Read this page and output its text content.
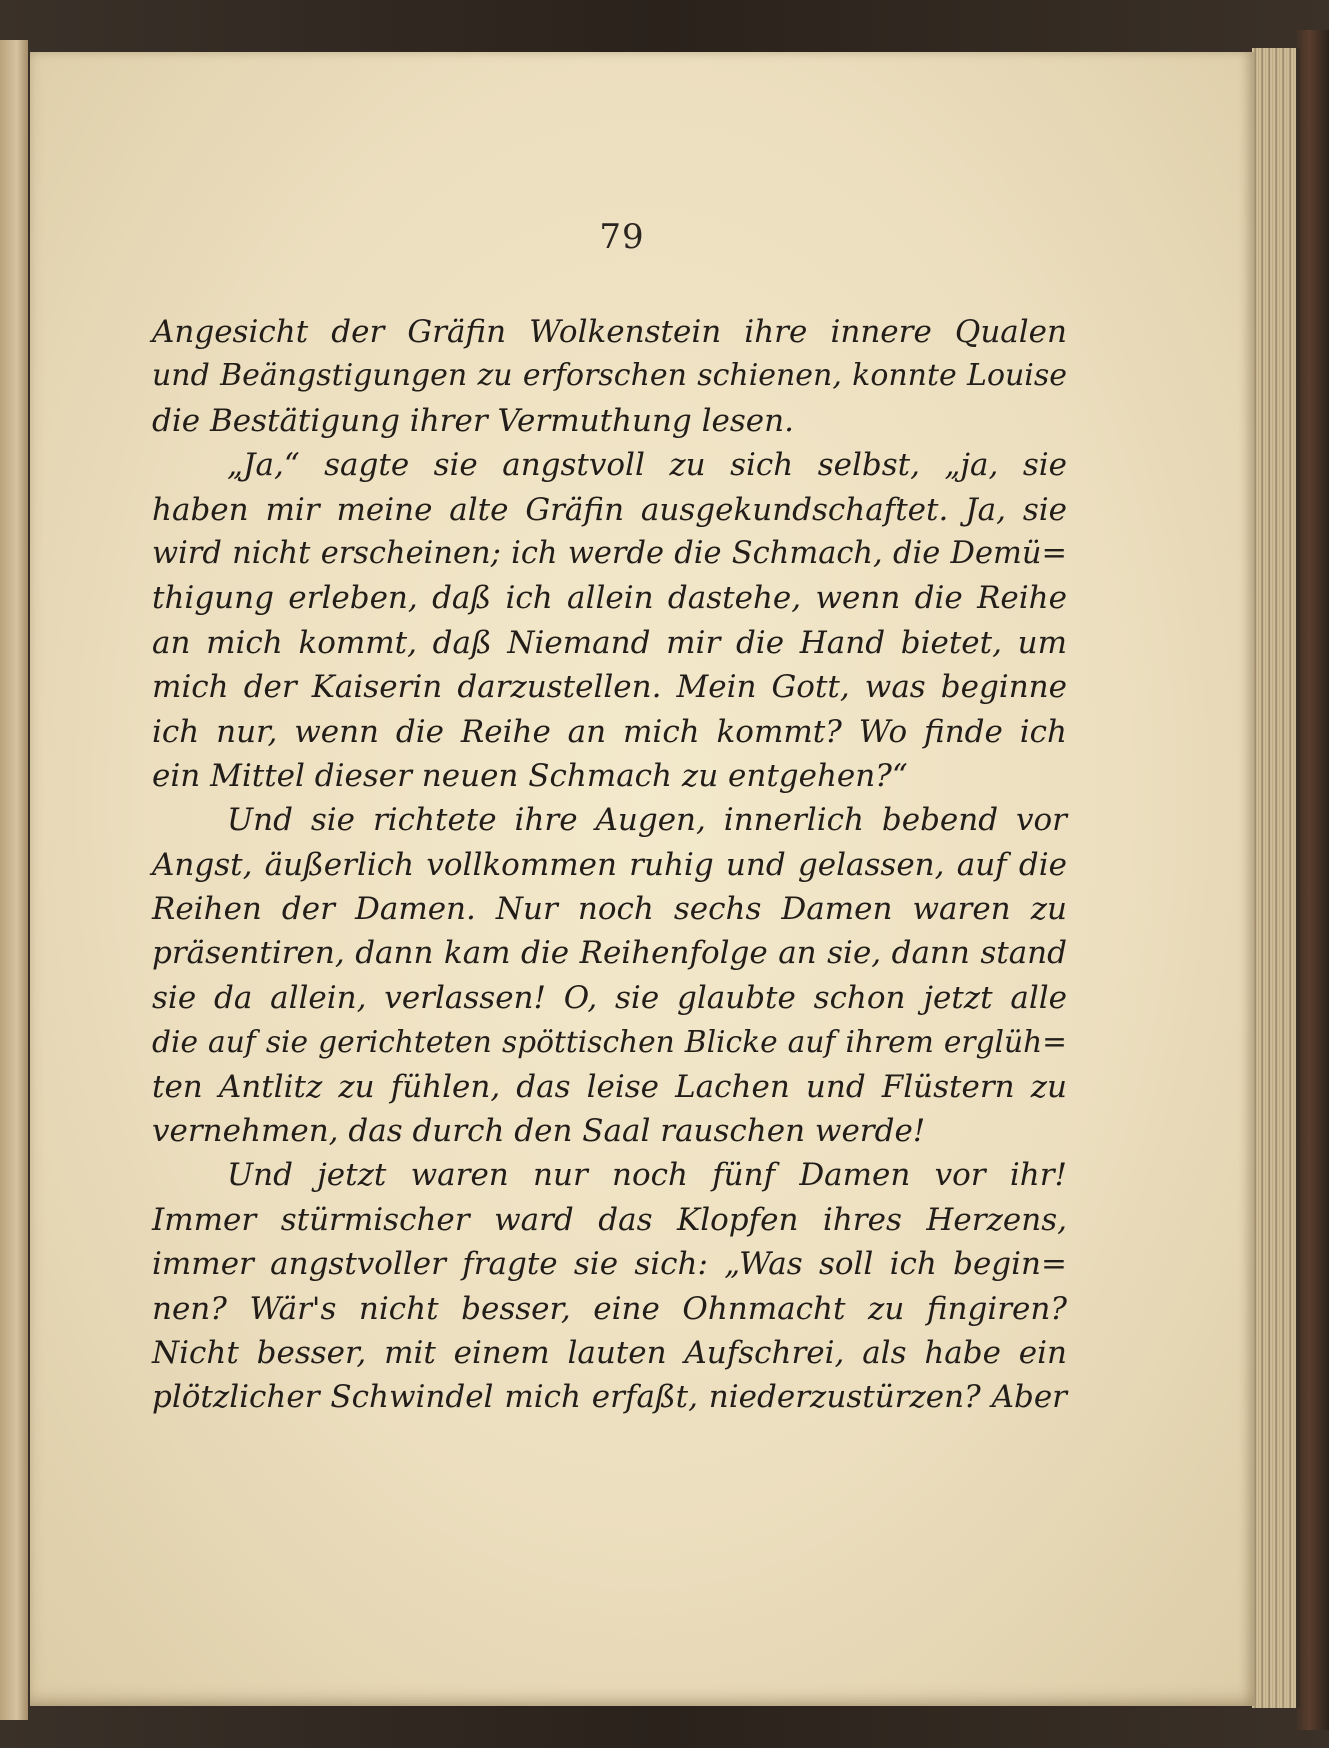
79
Angesicht der Gräfin Wolkenstein ihre innere Qualen
und Beängstigungen zu erforschen schienen, konnte Louise
die Bestätigung ihrer Vermuthung lesen.
„Ja,“ sagte sie angstvoll zu sich selbst, „ja, sie
haben mir meine alte Gräfin ausgekundschaftet. Ja, sie
wird nicht erscheinen; ich werde die Schmach, die Demü=
thigung erleben, daß ich allein dastehe, wenn die Reihe
an mich kommt, daß Niemand mir die Hand bietet, um
mich der Kaiserin darzustellen. Mein Gott, was beginne
ich nur, wenn die Reihe an mich kommt? Wo finde ich
ein Mittel dieser neuen Schmach zu entgehen?“
Und sie richtete ihre Augen, innerlich bebend vor
Angst, äußerlich vollkommen ruhig und gelassen, auf die
Reihen der Damen. Nur noch sechs Damen waren zu
präsentiren, dann kam die Reihenfolge an sie, dann stand
sie da allein, verlassen! O, sie glaubte schon jetzt alle
die auf sie gerichteten spöttischen Blicke auf ihrem erglüh=
ten Antlitz zu fühlen, das leise Lachen und Flüstern zu
vernehmen, das durch den Saal rauschen werde!
Und jetzt waren nur noch fünf Damen vor ihr!
Immer stürmischer ward das Klopfen ihres Herzens,
immer angstvoller fragte sie sich: „Was soll ich begin=
nen? Wär's nicht besser, eine Ohnmacht zu fingiren?
Nicht besser, mit einem lauten Aufschrei, als habe ein
plötzlicher Schwindel mich erfaßt, niederzustürzen? Aber
